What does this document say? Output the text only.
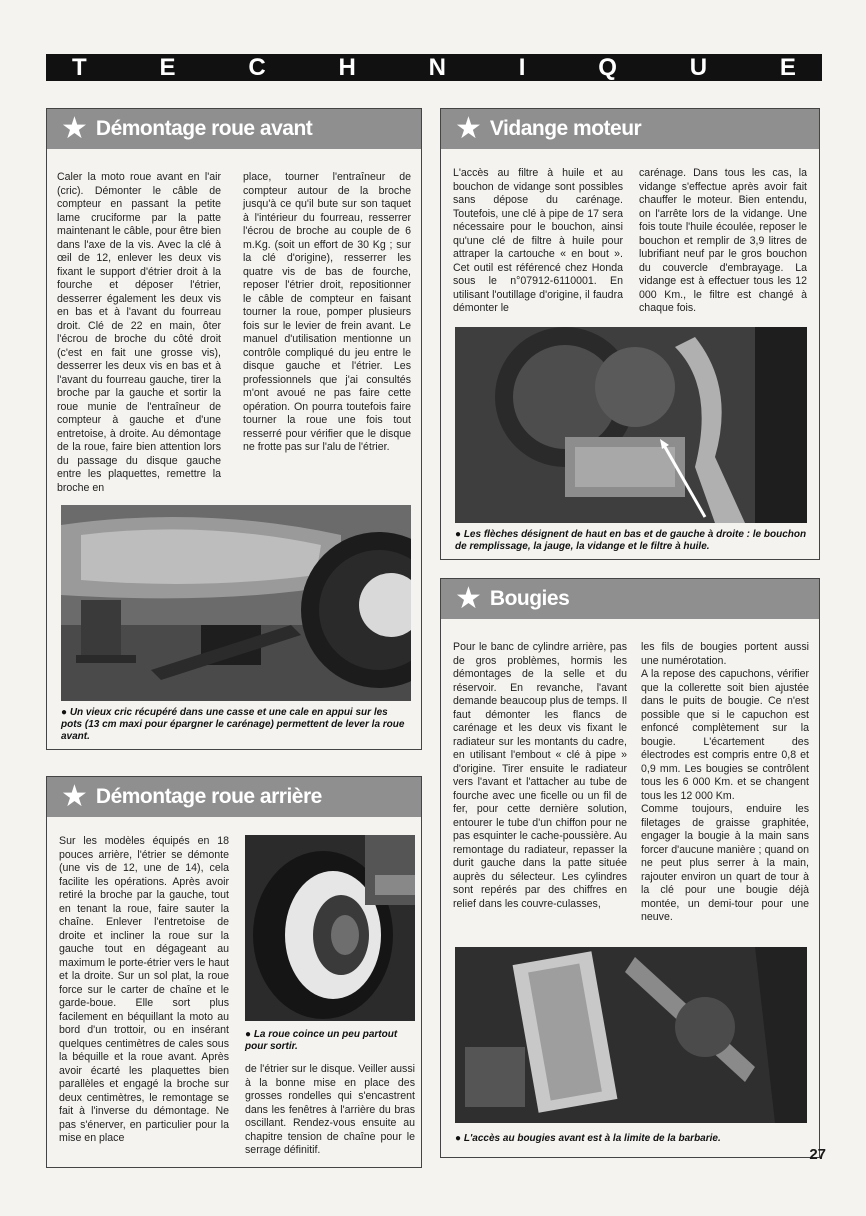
T	E	C	H	N	I	Q	U	E
★ Démontage roue avant
Caler la moto roue avant en l'air (cric). Démonter le câble de compteur en passant la petite lame cruciforme par la patte maintenant le câble, pour être bien dans l'axe de la vis. Avec la clé à œil de 12, enlever les deux vis fixant le support d'étrier droit à la fourche et déposer l'étrier, desserrer également les deux vis en bas et à l'avant du fourreau droit. Clé de 22 en main, ôter l'écrou de broche du côté droit (c'est en fait une grosse vis), desserrer les deux vis en bas et à l'avant du fourreau gauche, tirer la broche par la gauche et sortir la roue munie de l'entraîneur de compteur à gauche et d'une entretoise, à droite. Au démontage de la roue, faire bien attention lors du passage du disque gauche entre les plaquettes, remettre la broche en
place, tourner l'entraîneur de compteur autour de la broche jusqu'à ce qu'il bute sur son taquet à l'intérieur du fourreau, resserrer l'écrou de broche au couple de 6 m.Kg. (soit un effort de 30 Kg ; sur la clé d'origine), resserrer les quatre vis de bas de fourche, reposer l'étrier droit, repositionner le câble de compteur en faisant tourner la roue, pomper plusieurs fois sur le levier de frein avant. Le manuel d'utilisation mentionne un contrôle compliqué du jeu entre le disque gauche et l'étrier. Les professionnels que j'ai consultés m'ont avoué ne pas faire cette opération. On pourra toutefois faire tourner la roue une fois tout resserré pour vérifier que le disque ne frotte pas sur l'alu de l'étrier.
● Un vieux cric récupéré dans une casse et une cale en appui sur les pots (13 cm maxi pour épargner le carénage) permettent de lever la roue avant.
★ Vidange moteur
L'accès au filtre à huile et au bouchon de vidange sont possibles sans dépose du carénage. Toutefois, une clé à pipe de 17 sera nécessaire pour le bouchon, ainsi qu'une clé de filtre à huile pour attraper la cartouche « en bout ». Cet outil est référencé chez Honda sous le n°07912-6110001. En utilisant l'outillage d'origine, il faudra démonter le
carénage. Dans tous les cas, la vidange s'effectue après avoir fait chauffer le moteur. Bien entendu, on l'arrête lors de la vidange. Une fois toute l'huile écoulée, reposer le bouchon et remplir de 3,9 litres de lubrifiant neuf par le gros bouchon du couvercle d'embrayage. La vidange est à effectuer tous les 12 000 Km., le filtre est changé à chaque fois.
● Les flèches désignent de haut en bas et de gauche à droite : le bouchon de remplissage, la jauge, la vidange et le filtre à huile.
★ Bougies
Pour le banc de cylindre arrière, pas de gros problèmes, hormis les démontages de la selle et du réservoir. En revanche, l'avant demande beaucoup plus de temps. Il faut démonter les flancs de carénage et les deux vis fixant le radiateur sur les montants du cadre, en utilisant l'embout « clé à pipe » d'origine. Tirer ensuite le radiateur vers l'avant et l'attacher au tube de fourche avec une ficelle ou un fil de fer, pour cette dernière solution, entourer le tube d'un chiffon pour ne pas esquinter le cache-poussière. Au remontage du radiateur, repasser la durit gauche dans la patte située auprès du sélecteur. Les cylindres sont repérés par des chiffres en relief dans les couvre-culasses,
les fils de bougies portent aussi une numérotation.
A la repose des capuchons, vérifier que la collerette soit bien ajustée dans le puits de bougie. Ce n'est possible que si le capuchon est enfoncé complètement sur la bougie. L'écartement des électrodes est compris entre 0,8 et 0,9 mm. Les bougies se contrôlent tous les 6 000 Km. et se changent tous les 12 000 Km.
Comme toujours, enduire les filetages de graisse graphitée, engager la bougie à la main sans forcer d'aucune manière ; quand on ne peut plus serrer à la main, rajouter environ un quart de tour à la clé pour une bougie déjà montée, un demi-tour pour une neuve.
● L'accès au bougies avant est à la limite de la barbarie.
★ Démontage roue arrière
Sur les modèles équipés en 18 pouces arrière, l'étrier se démonte (une vis de 12, une de 14), cela facilite les opérations. Après avoir retiré la broche par la gauche, tout en tenant la roue, faire sauter la chaîne. Enlever l'entretoise de droite et incliner la roue sur la gauche tout en dégageant au maximum le porte-étrier vers le haut et la droite. Sur un sol plat, la roue force sur le carter de chaîne et le garde-boue. Elle sort plus facilement en béquillant la moto au bord d'un trottoir, ou en insérant quelques centimètres de cales sous la béquille et la roue avant. Après avoir écarté les plaquettes bien parallèles et engagé la broche sur deux centimètres, le remontage se fait à l'inverse du démontage. Ne pas s'énerver, en particulier pour la mise en place
● La roue coince un peu partout pour sortir.
de l'étrier sur le disque. Veiller aussi à la bonne mise en place des grosses rondelles qui s'encastrent dans les fenêtres à l'arrière du bras oscillant. Rendez-vous ensuite au chapitre tension de chaîne pour le serrage définitif.	27
